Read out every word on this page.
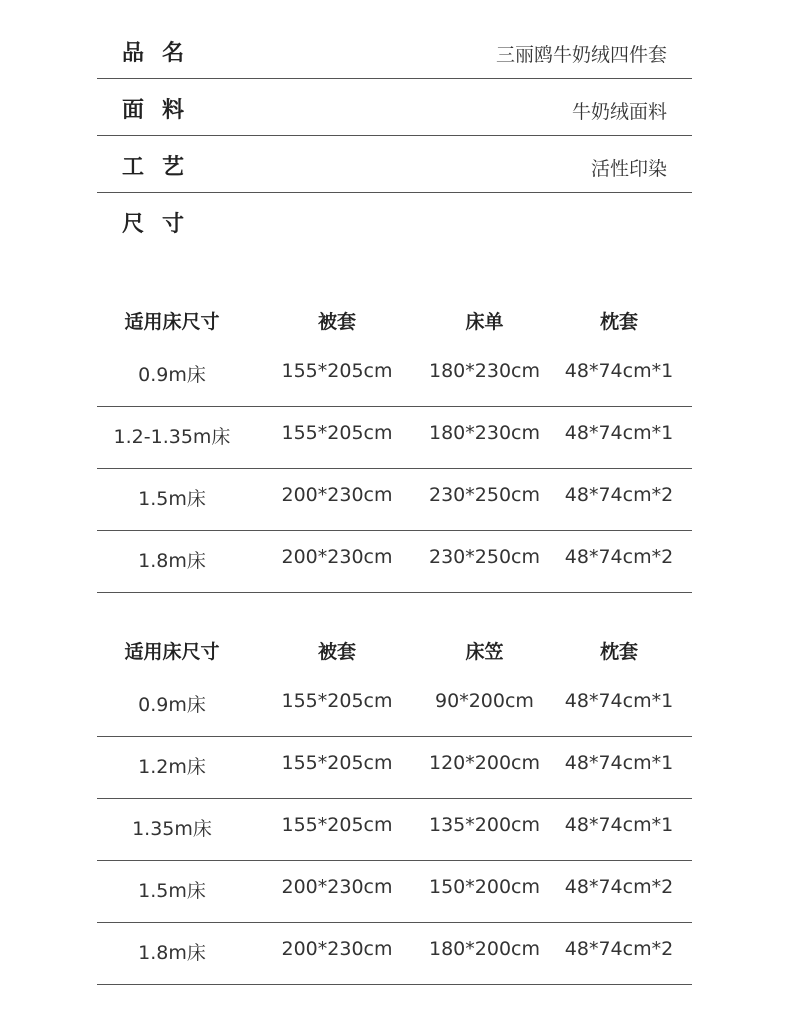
品名	三丽鸥牛奶绒四件套
面料	牛奶绒面料
工艺	活性印染
尺寸
适用床尺寸	被套	床单	枕套
0.9m床	155*205cm	180*230cm	48*74cm*1
1.2-1.35m床	155*205cm	180*230cm	48*74cm*1
1.5m床	200*230cm	230*250cm	48*74cm*2
1.8m床	200*230cm	230*250cm	48*74cm*2
适用床尺寸	被套	床笠	枕套
0.9m床	155*205cm	90*200cm	48*74cm*1
1.2m床	155*205cm	120*200cm	48*74cm*1
1.35m床	155*205cm	135*200cm	48*74cm*1
1.5m床	200*230cm	150*200cm	48*74cm*2
1.8m床	200*230cm	180*200cm	48*74cm*2
